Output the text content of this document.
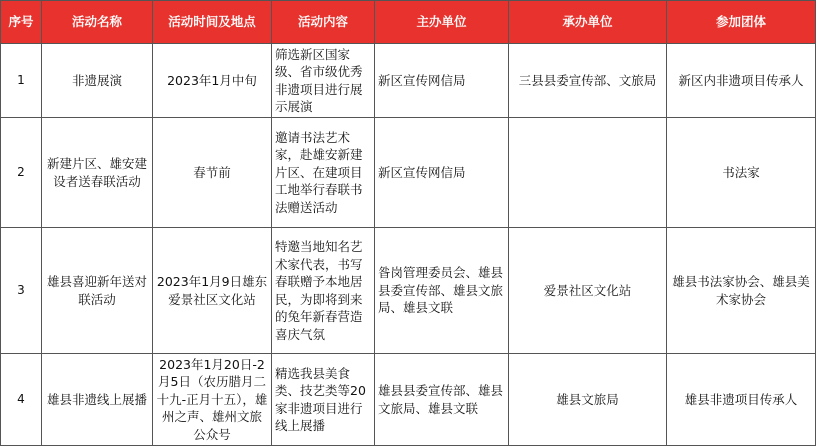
序号	活动名称	活动时间及地点	活动内容	主办单位	承办单位	参加团体
1	非遗展演	2023年1月中旬	筛选新区国家级、省市级优秀非遗项目进行展示展演	新区宣传网信局	三县县委宣传部、文旅局	新区内非遗项目传承人
2	新建片区、雄安建设者送春联活动	春节前	邀请书法艺术家，赴雄安新建片区、在建项目工地举行春联书法赠送活动	新区宣传网信局		书法家
3	雄县喜迎新年送对联活动	2023年1月9日雄东爱景社区文化站	特邀当地知名艺术家代表，书写春联赠予本地居民，为即将到来的兔年新春营造喜庆气氛	昝岗管理委员会、雄县县委宣传部、雄县文旅局、雄县文联	爱景社区文化站	雄县书法家协会、雄县美术家协会
4	雄县非遗线上展播	2023年1月20日-2月5日（农历腊月二十九-正月十五），雄州之声、雄州文旅公众号	精选我县美食类、技艺类等20家非遗项目进行线上展播	雄县县委宣传部、雄县文旅局、雄县文联	雄县文旅局	雄县非遗项目传承人
